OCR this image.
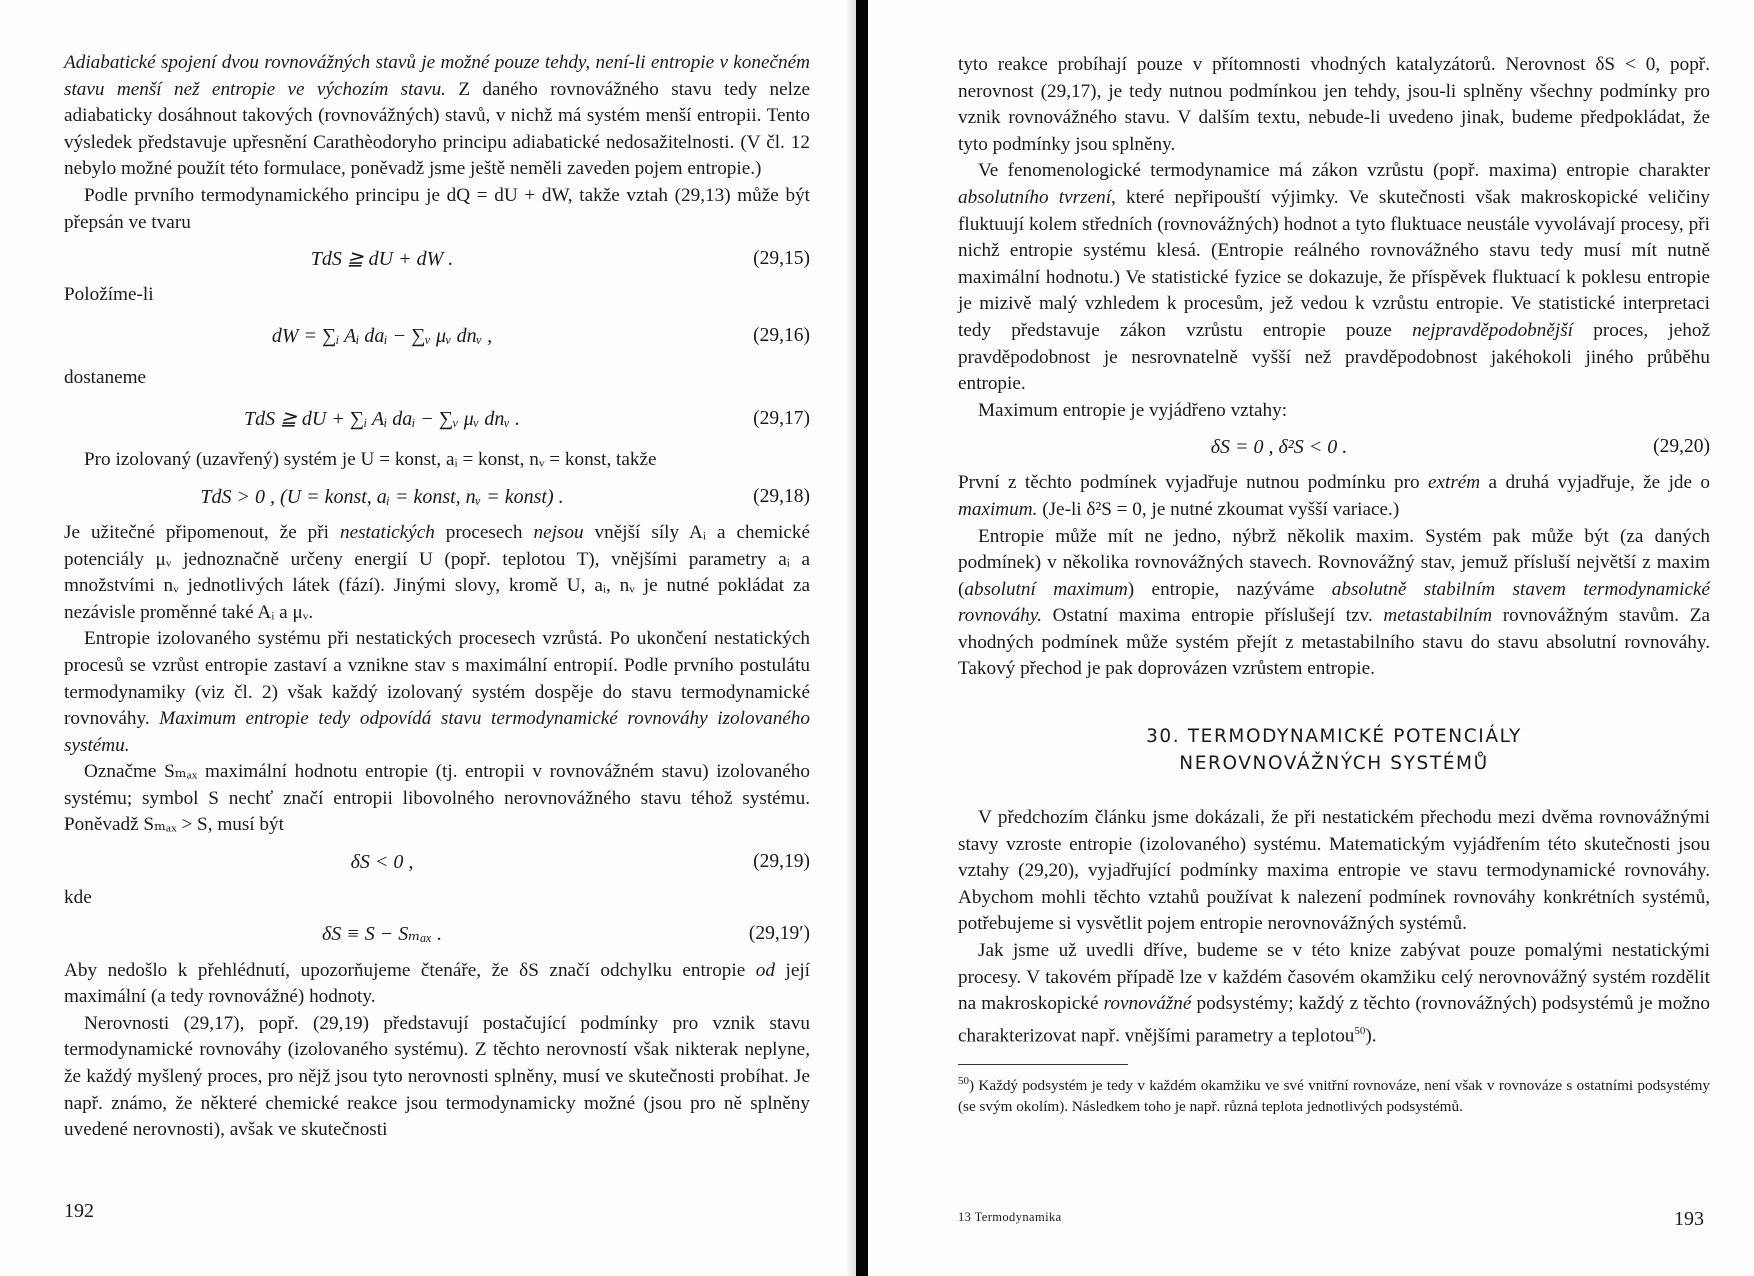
Adiabatické spojení dvou rovnovážných stavů je možné pouze tehdy, není-li entropie v konečném stavu menší než entropie ve výchozím stavu. Z daného rovnovážného stavu tedy nelze adiabaticky dosáhnout takových (rovnovážných) stavů, v nichž má systém menší entropii. Tento výsledek představuje upřesnění Carathèodoryho principu adiabatické nedosažitelnosti. (V čl. 12 nebylo možné použít této formulace, poněvadž jsme ještě neměli zaveden pojem entropie.)

Podle prvního termodynamického principu je dQ = dU + dW, takže vztah (29,13) může být přepsán ve tvaru

TdS ≧ dU + dW .	(29,15)

Položíme-li

dW = ∑ᵢ Aᵢ daᵢ − ∑ᵥ μᵥ dnᵥ ,	(29,16)

dostaneme

TdS ≧ dU + ∑ᵢ Aᵢ daᵢ − ∑ᵥ μᵥ dnᵥ .	(29,17)

Pro izolovaný (uzavřený) systém je U = konst, aᵢ = konst, nᵥ = konst, takže

TdS > 0 , (U = konst, aᵢ = konst, nᵥ = konst) .	(29,18)

Je užitečné připomenout, že při nestatických procesech nejsou vnější síly Aᵢ a chemické potenciály μᵥ jednoznačně určeny energií U (popř. teplotou T), vnějšími parametry aᵢ a množstvími nᵥ jednotlivých látek (fází). Jinými slovy, kromě U, aᵢ, nᵥ je nutné pokládat za nezávisle proměnné také Aᵢ a μᵥ.

Entropie izolovaného systému při nestatických procesech vzrůstá. Po ukončení nestatických procesů se vzrůst entropie zastaví a vznikne stav s maximální entropií. Podle prvního postulátu termodynamiky (viz čl. 2) však každý izolovaný systém dospěje do stavu termodynamické rovnováhy. Maximum entropie tedy odpovídá stavu termodynamické rovnováhy izolovaného systému.

Označme Sₘₐₓ maximální hodnotu entropie (tj. entropii v rovnovážném stavu) izolovaného systému; symbol S nechť značí entropii libovolného nerovnovážného stavu téhož systému. Poněvadž Sₘₐₓ > S, musí být

δS < 0 ,	(29,19)

kde

δS ≡ S − Sₘₐₓ .	(29,19′)

Aby nedošlo k přehlédnutí, upozorňujeme čtenáře, že δS značí odchylku entropie od její maximální (a tedy rovnovážné) hodnoty.

Nerovnosti (29,17), popř. (29,19) představují postačující podmínky pro vznik stavu termodynamické rovnováhy (izolovaného systému). Z těchto nerovností však nikterak neplyne, že každý myšlený proces, pro nějž jsou tyto nerovnosti splněny, musí ve skutečnosti probíhat. Je např. známo, že některé chemické reakce jsou termodynamicky možné (jsou pro ně splněny uvedené nerovnosti), avšak ve skutečnosti

192

tyto reakce probíhají pouze v přítomnosti vhodných katalyzátorů. Nerovnost δS < 0, popř. nerovnost (29,17), je tedy nutnou podmínkou jen tehdy, jsou-li splněny všechny podmínky pro vznik rovnovážného stavu. V dalším textu, nebude-li uvedeno jinak, budeme předpokládat, že tyto podmínky jsou splněny.

Ve fenomenologické termodynamice má zákon vzrůstu (popř. maxima) entropie charakter absolutního tvrzení, které nepřipouští výjimky. Ve skutečnosti však makroskopické veličiny fluktuují kolem středních (rovnovážných) hodnot a tyto fluktuace neustále vyvolávají procesy, při nichž entropie systému klesá. (Entropie reálného rovnovážného stavu tedy musí mít nutně maximální hodnotu.) Ve statistické fyzice se dokazuje, že příspěvek fluktuací k poklesu entropie je mizivě malý vzhledem k procesům, jež vedou k vzrůstu entropie. Ve statistické interpretaci tedy představuje zákon vzrůstu entropie pouze nejpravděpodobnější proces, jehož pravděpodobnost je nesrovnatelně vyšší než pravděpodobnost jakéhokoli jiného průběhu entropie.

Maximum entropie je vyjádřeno vztahy:

δS = 0 , δ²S < 0 .	(29,20)

První z těchto podmínek vyjadřuje nutnou podmínku pro extrém a druhá vyjadřuje, že jde o maximum. (Je-li δ²S = 0, je nutné zkoumat vyšší variace.)

Entropie může mít ne jedno, nýbrž několik maxim. Systém pak může být (za daných podmínek) v několika rovnovážných stavech. Rovnovážný stav, jemuž přísluší největší z maxim (absolutní maximum) entropie, nazýváme absolutně stabilním stavem termodynamické rovnováhy. Ostatní maxima entropie příslušejí tzv. metastabilním rovnovážným stavům. Za vhodných podmínek může systém přejít z metastabilního stavu do stavu absolutní rovnováhy. Takový přechod je pak doprovázen vzrůstem entropie.

30. TERMODYNAMICKÉ POTENCIÁLY
NEROVNOVÁŽNÝCH SYSTÉMŮ

V předchozím článku jsme dokázali, že při nestatickém přechodu mezi dvěma rovnovážnými stavy vzroste entropie (izolovaného) systému. Matematickým vyjádřením této skutečnosti jsou vztahy (29,20), vyjadřující podmínky maxima entropie ve stavu termodynamické rovnováhy. Abychom mohli těchto vztahů používat k nalezení podmínek rovnováhy konkrétních systémů, potřebujeme si vysvětlit pojem entropie nerovnovážných systémů.

Jak jsme už uvedli dříve, budeme se v této knize zabývat pouze pomalými nestatickými procesy. V takovém případě lze v každém časovém okamžiku celý nerovnovážný systém rozdělit na makroskopické rovnovážné podsystémy; každý z těchto (rovnovážných) podsystémů je možno charakterizovat např. vnějšími parametry a teplotou$^{50}$).

$^{50}$) Každý podsystém je tedy v každém okamžiku ve své vnitřní rovnováze, není však v rovnováze s ostatními podsystémy (se svým okolím). Následkem toho je např. různá teplota jednotlivých podsystémů.

13 Termodynamika	193
